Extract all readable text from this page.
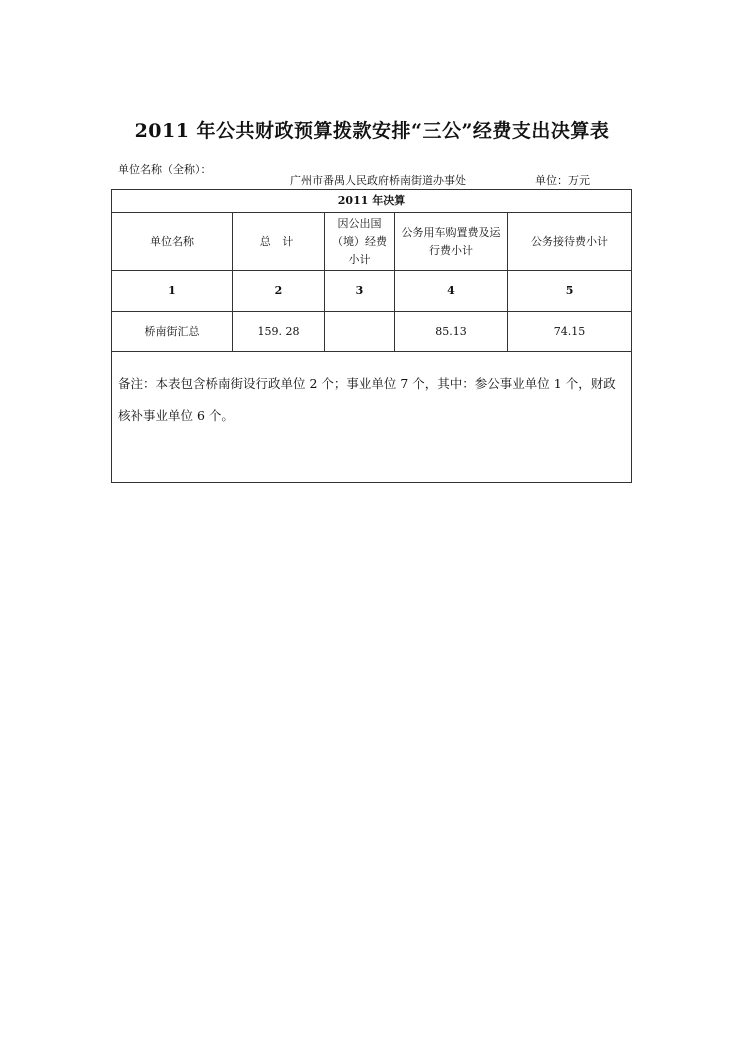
2011 年公共财政预算拨款安排“三公”经费支出决算表
单位名称（全称）：
广州市番禺人民政府桥南街道办事处	单位：万元
2011 年决算				
单位名称	总 计	因公出国（境）经费小计	公务用车购置费及运行费小计	公务接待费小计
1	2	3	4	5
桥南街汇总	159. 28		85.13	74.15
备注：本表包含桥南街设行政单位 2 个；事业单位 7 个，其中：参公事业单位 1 个，财政核补事业单位 6 个。				
